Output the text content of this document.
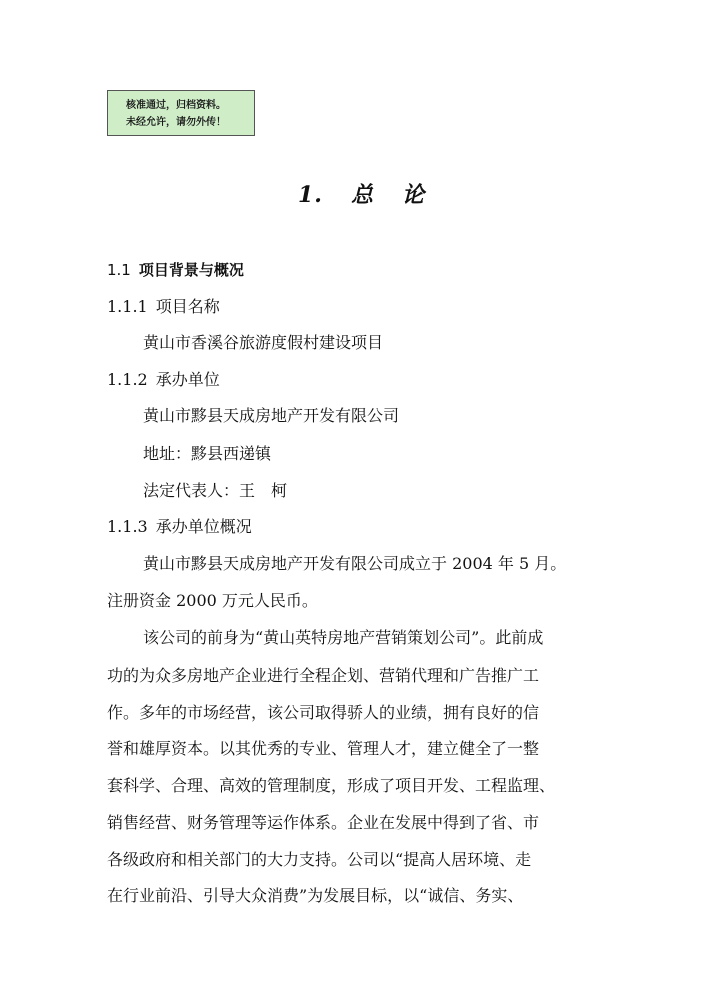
核准通过，归档资料。
未经允许，请勿外传！
1. 总 论
1.1 项目背景与概况
1.1.1 项目名称
黄山市香溪谷旅游度假村建设项目
1.1.2 承办单位
黄山市黟县天成房地产开发有限公司
地址：黟县西递镇
法定代表人：王　柯
1.1.3 承办单位概况
黄山市黟县天成房地产开发有限公司成立于 2004 年 5 月。
注册资金 2000 万元人民币。
该公司的前身为“黄山英特房地产营销策划公司”。此前成
功的为众多房地产企业进行全程企划、营销代理和广告推广工
作。多年的市场经营，该公司取得骄人的业绩，拥有良好的信
誉和雄厚资本。以其优秀的专业、管理人才，建立健全了一整
套科学、合理、高效的管理制度，形成了项目开发、工程监理、
销售经营、财务管理等运作体系。企业在发展中得到了省、市
各级政府和相关部门的大力支持。公司以“提高人居环境、走
在行业前沿、引导大众消费”为发展目标，以“诚信、务实、
